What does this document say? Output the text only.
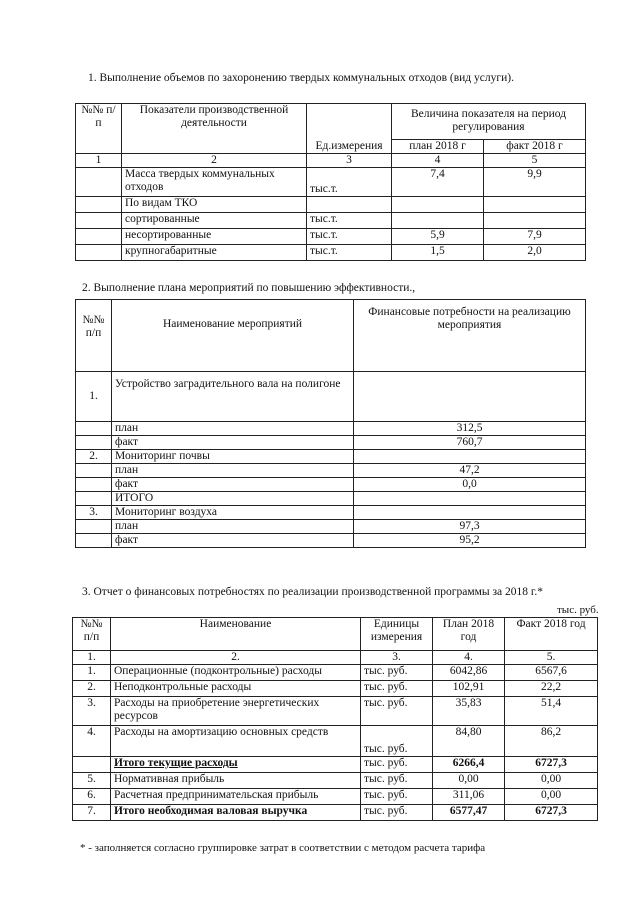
1. Выполнение объемов по захоронению твердых коммунальных отходов (вид услуги).
№№ п/п	Показатели производственной деятельности	Ед.измерения	Величина показателя на период регулирования	
			план 2018 г	факт 2018 г
1	2	3	4	5
	Масса твердых коммунальных отходов	тыс.т.	7,4	9,9
	По видам ТКО			
	сортированные	тыс.т.		
	несортированные	тыс.т.	5,9	7,9
	крупногабаритные	тыс.т.	1,5	2,0
2. Выполнение плана мероприятий по повышению эффективности.,
№№ п/п	Наименование мероприятий	Финансовые потребности на реализацию мероприятия
1.	Устройство заградительного вала на полигоне	
	план	312,5
	факт	760,7
2.	Мониторинг почвы	
	план	47,2
	факт	0,0
	ИТОГО	
3.	Мониторинг воздуха	
	план	97,3
	факт	95,2
3. Отчет о финансовых потребностях по реализации производственной программы за 2018 г.*
тыс. руб.
№№ п/п	Наименование	Единицы измерения	План 2018 год	Факт 2018 год
1.	2.	3.	4.	5.
1.	Операционные (подконтрольные) расходы	тыс. руб.	6042,86	6567,6
2.	Неподконтрольные расходы	тыс. руб.	102,91	22,2
3.	Расходы на приобретение энергетических ресурсов	тыс. руб.	35,83	51,4
4.	Расходы на амортизацию основных средств	тыс. руб.	84,80	86,2
	Итого текущие расходы	тыс. руб.	6266,4	6727,3
5.	Нормативная прибыль	тыс. руб.	0,00	0,00
6.	Расчетная предпринимательская прибыль	тыс. руб.	311,06	0,00
7.	Итого необходимая валовая выручка	тыс. руб.	6577,47	6727,3
* - заполняется согласно группировке затрат в соответствии с методом расчета тарифа
